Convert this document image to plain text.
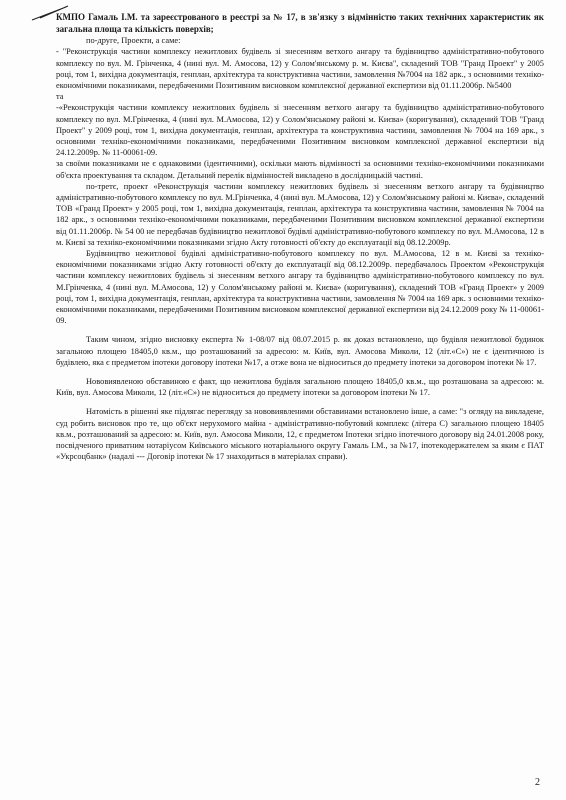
КМПО Гамаль І.М. та зареєстрованого в реєстрі за № 17, в зв'язку з відмінністю таких технічних характеристик як загальна площа та кількість поверхів;

по-друге, Проекти, а саме:

- "Реконструкція частини комплексу нежитлових будівель зі знесенням ветхого ангару та будівництво адміністративно-побутового комплексу по вул. М. Грінченка, 4 (нині вул. М. Амосова, 12) у Солом'янському р. м. Києва", складений ТОВ "Гранд Проект" у 2005 році, том 1, вихідна документація, генплан, архітектура та конструктивна частини, замовлення №7004 на 182 арк., з основними техніко-економічними показниками, передбаченими Позитивним висновком комплексної державної експертизи від 01.11.2006р. №5400

та

-«Реконструкція частини комплексу нежитлових будівель зі знесенням ветхого ангару та будівництво адміністративно-побутового комплексу по вул. М.Грінченка, 4 (нині вул. М.Амосова, 12) у Солом'янському районі м. Києва» (коригування), складений ТОВ "Гранд Проект" у 2009 році, том 1, вихідна документація, генплан, архітектура та конструктивна частини, замовлення № 7004 на 169 арк., з основними техніко-економічними показниками, передбаченими Позитивним висновком комплексної державної експертизи від 24.12.2009р. № 11-00061-09.

за своїми показниками не є однаковими (ідентичними), оскільки мають відмінності за основними техніко-економічними показниками об'єкта проектування та складом. Детальний перелік відмінностей викладено в дослідницькій частині.

по-третє, проект «Реконструкція частини комплексу нежитлових будівель зі знесенням ветхого ангару та будівництво адміністративно-побутового комплексу по вул. М.Грінченка, 4 (нині вул. М.Амосова, 12) у Солом'янському районі м. Києва», складений ТОВ «Гранд Проект» у 2005 році, том 1, вихідна документація, генплан, архітектура та конструктивна частини, замовлення № 7004 на 182 арк., з основними техніко-економічними показниками, передбаченими Позитивним висновком комплексної державної експертизи від 01.11.2006р. № 54 00 не передбачав будівництво нежитлової будівлі адміністративно-побутового комплексу по вул. М.Амосова, 12 в м. Києві за техніко-економічними показниками згідно Акту готовності об'єкту до експлуатації від 08.12.2009р.

Будівництво нежитлової будівлі адміністративно-побутового комплексу по вул. М.Амосова, 12 в м. Києві за техніко-економічними показниками згідно Акту готовності об'єкту до експлуатації від 08.12.2009р. передбачалось Проектом «Реконструкція частини комплексу нежитлових будівель зі знесенням ветхого ангару та будівництво адміністративно-побутового комплексу по вул. М.Грінченка, 4 (нині вул. М.Амосова, 12) у Солом'янському районі м. Києва» (коригування), складений ТОВ «Гранд Проект» у 2009 році, том 1, вихідна документація, генплан, архітектура та конструктивна частини, замовлення № 7004 на 169 арк. з основними техніко-економічними показниками, передбаченими Позитивним висновком комплексної державної експертизи від 24.12.2009 року № 11-00061-09.

Таким чином, згідно висновку експерта № 1-08/07 від 08.07.2015 р. як доказ встановлено, що будівля нежитлової будинок загальною площею 18405,0 кв.м., що розташований за адресою: м. Київ, вул. Амосова Миколи, 12 (літ.«С») не є ідентичною із будівлею, яка є предметом іпотеки договору іпотеки №17, а отже вона не відноситься до предмету іпотеки за договором іпотеки № 17.

Нововиявленою обставиною є факт, що нежитлова будівля загальною площею 18405,0 кв.м., що розташована за адресою: м. Київ, вул. Амосова Миколи, 12 (літ.«С») не відноситься до предмету іпотеки за договором іпотеки № 17.

Натомість в рішенні яке підлягає перегляду за нововиявленими обставинами встановлено інше, а саме: "з огляду на викладене, суд робить висновок про те, що об'єкт нерухомого майна - адміністративно-побутовий комплекс (літера С) загальною площею 18405 кв.м., розташований за адресою: м. Київ, вул. Амосова Миколи, 12, є предметом Іпотеки згідно іпотечного договору від 24.01.2008 року, посвідченого приватним нотаріусом Київського міського нотаріального округу Гамаль І.М., за №17, іпотекодержателем за яким є ПАТ «Укрсоцбанк» (надалі --- Договір іпотеки № 17 знаходиться в матеріалах справи).

2
